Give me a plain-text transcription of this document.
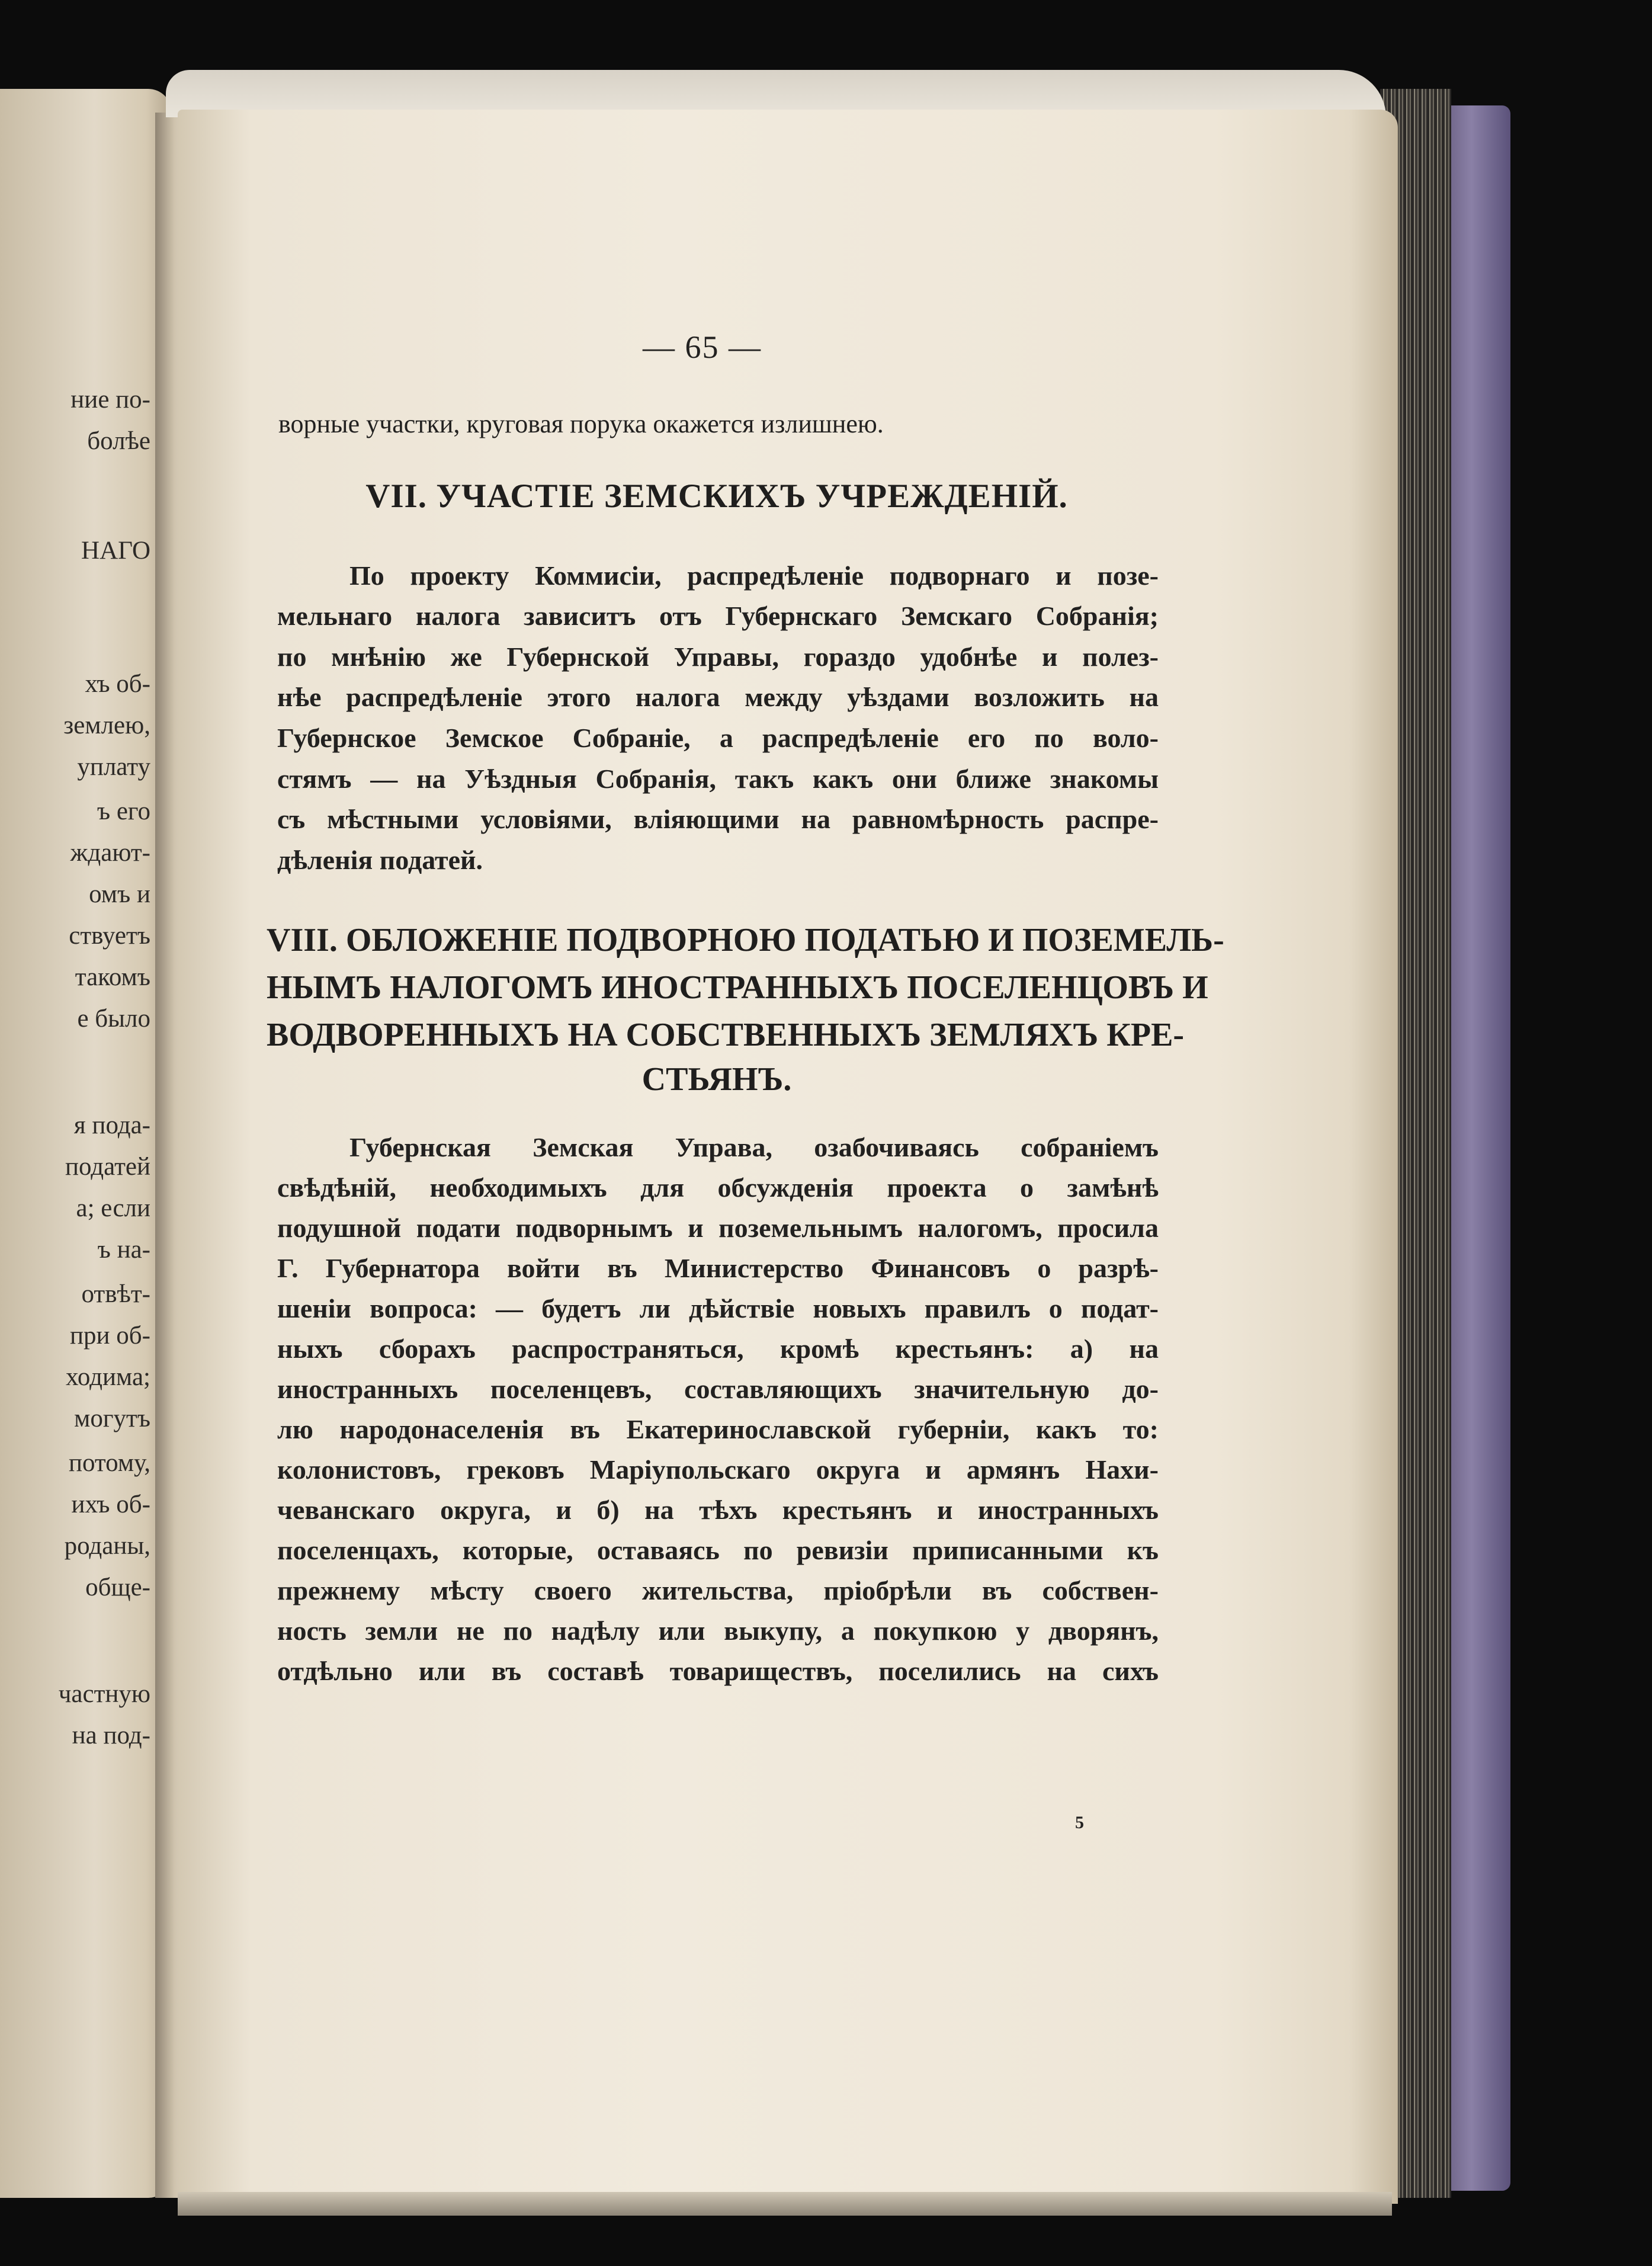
ние по-

болѣе

НАГО

хъ об-

землею,

уплату

ъ его

ждают-

омъ и

ствуетъ

такомъ

е было

я пода-

податей

а; если

ъ на-

отвѣт-

при об-

ходима;

могутъ

потому,

ихъ об-

роданы,

обще-

частную

на под-

— 65 —

ворные участки, круговая порука окажется излишнею.

VII. УЧАСТІЕ ЗЕМСКИХЪ УЧРЕЖДЕНІЙ.

По проекту Коммисіи, распредѣленіе подворнаго и позе-

мельнаго налога зависитъ отъ Губернскаго Земскаго Собранія;

по мнѣнію же Губернской Управы, гораздо удобнѣе и полез-

нѣе распредѣленіе этого налога между уѣздами возложить на

Губернское Земское Собраніе, а распредѣленіе его по воло-

стямъ — на Уѣздныя Собранія, такъ какъ они ближе знакомы

съ мѣстными условіями, вліяющими на равномѣрность распре-

дѣленія податей.

VIII. ОБЛОЖЕНІЕ ПОДВОРНОЮ ПОДАТЬЮ И ПОЗЕМЕЛЬ-

НЫМЪ НАЛОГОМЪ ИНОСТРАННЫХЪ ПОСЕЛЕНЦОВЪ И

ВОДВОРЕННЫХЪ НА СОБСТВЕННЫХЪ ЗЕМЛЯХЪ КРЕ-

СТЬЯНЪ.

Губернская Земская Управа, озабочиваясь собраніемъ

свѣдѣній, необходимыхъ для обсужденія проекта о замѣнѣ

подушной подати подворнымъ и поземельнымъ налогомъ, просила

Г. Губернатора войти въ Министерство Финансовъ о разрѣ-

шеніи вопроса: — будетъ ли дѣйствіе новыхъ правилъ о подат-

ныхъ сборахъ распространяться, кромѣ крестьянъ: а) на

иностранныхъ поселенцевъ, составляющихъ значительную до-

лю народонаселенія въ Екатеринославской губерніи, какъ то:

колонистовъ, грековъ Маріупольскаго округа и армянъ Нахи-

чеванскаго округа, и б) на тѣхъ крестьянъ и иностранныхъ

поселенцахъ, которые, оставаясь по ревизіи приписанными къ

прежнему мѣсту своего жительства, пріобрѣли въ собствен-

ность земли не по надѣлу или выкупу, а покупкою у дворянъ,

отдѣльно или въ составѣ товариществъ, поселились на сихъ

5
